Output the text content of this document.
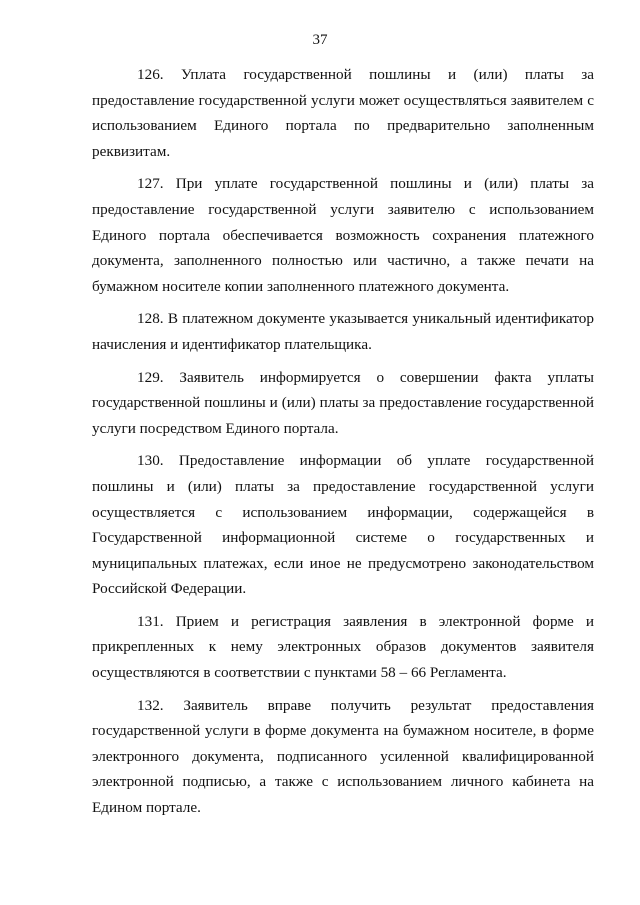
37

126. Уплата государственной пошлины и (или) платы за предоставление государственной услуги может осуществляться заявителем с использованием Единого портала по предварительно заполненным реквизитам.

127. При уплате государственной пошлины и (или) платы за предоставление государственной услуги заявителю с использованием Единого портала обеспечивается возможность сохранения платежного документа, заполненного полностью или частично, а также печати на бумажном носителе копии заполненного платежного документа.

128. В платежном документе указывается уникальный идентификатор начисления и идентификатор плательщика.

129. Заявитель информируется о совершении факта уплаты государственной пошлины и (или) платы за предоставление государственной услуги посредством Единого портала.

130. Предоставление информации об уплате государственной пошлины и (или) платы за предоставление государственной услуги осуществляется с использованием информации, содержащейся в Государственной информационной системе о государственных и муниципальных платежах, если иное не предусмотрено законодательством Российской Федерации.

131. Прием и регистрация заявления в электронной форме и прикрепленных к нему электронных образов документов заявителя осуществляются в соответствии с пунктами 58 – 66 Регламента.

132. Заявитель вправе получить результат предоставления государственной услуги в форме документа на бумажном носителе, в форме электронного документа, подписанного усиленной квалифицированной электронной подписью, а также с использованием личного кабинета на Едином портале.
